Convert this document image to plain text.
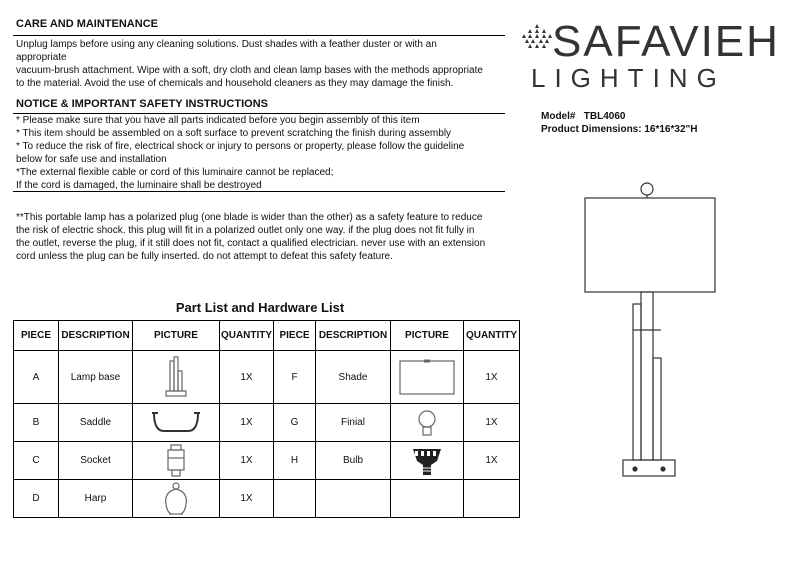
CARE AND MAINTENANCE
Unplug lamps before using any cleaning solutions. Dust shades with a feather duster or with an
appropriate
vacuum-brush attachment. Wipe with a soft, dry cloth and clean lamp bases with the methods appropriate
to the material. Avoid the use of chemicals and household cleaners as they may damage the finish.
NOTICE & IMPORTANT SAFETY INSTRUCTIONS
* Please make sure that you have all parts indicated before you begin assembly of this item
* This item should be assembled on a soft surface to prevent scratching the finish during assembly
* To reduce the risk of fire, electrical shock or injury to persons or property, please follow the guideline
below for safe use and installation
*The external flexible cable or cord of this luminaire cannot be replaced;
If the cord is damaged, the luminaire shall be destroyed
**This portable lamp has a polarized plug (one blade is wider than the other) as a safety feature to reduce
the risk of electric shock. this plug will fit in a polarized outlet only one way. if the plug does not fit fully in
the outlet, reverse the plug, if it still does not fit, contact a qualified electrician. never use with an extension
cord unless the plug can be fully inserted. do not attempt to defeat this safety feature.
SAFAVIEH
LIGHTING
Model# TBL4060
Product Dimensions: 16*16*32"H
Part List and Hardware List
PIECE	DESCRIPTION	PICTURE	QUANTITY	PIECE	DESCRIPTION	PICTURE	QUANTITY
A	Lamp base		1X	F	Shade		1X
B	Saddle		1X	G	Finial		1X
C	Socket		1X	H	Bulb		1X
D	Harp		1X				
